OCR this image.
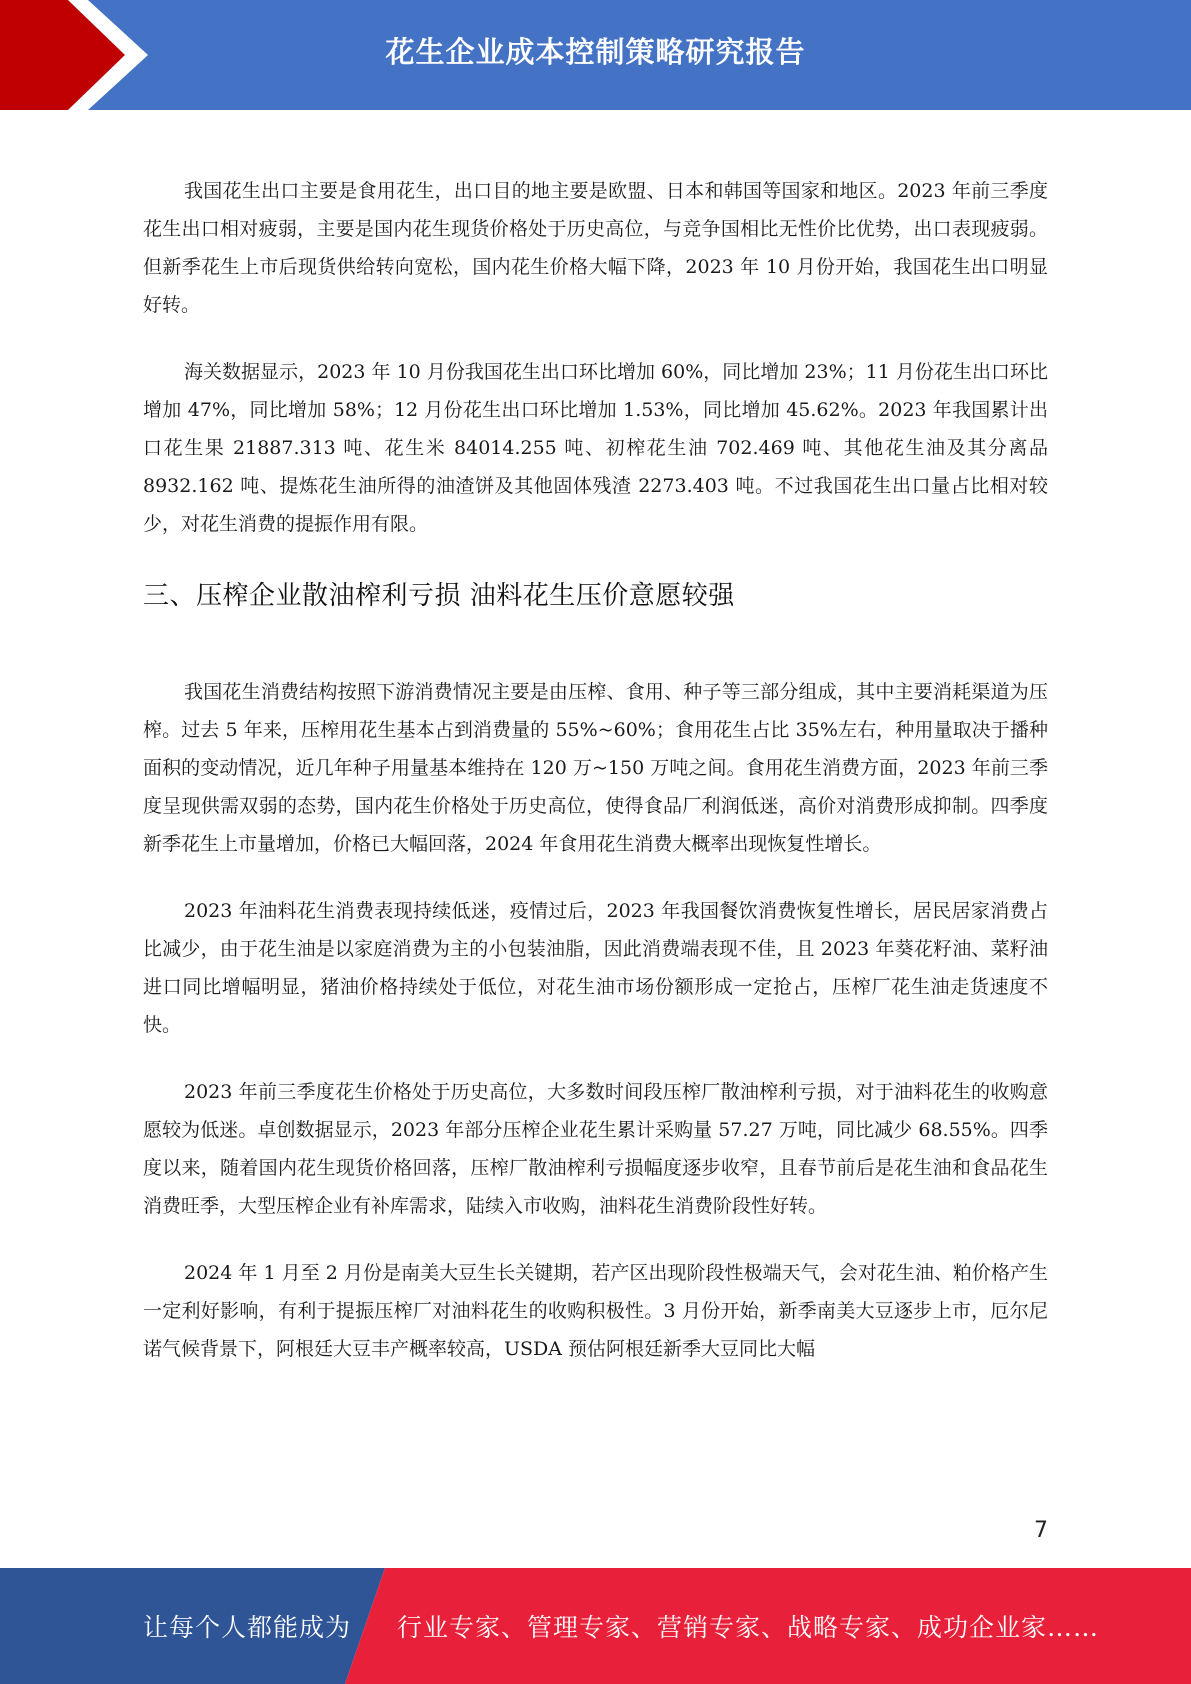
花生企业成本控制策略研究报告

我国花生出口主要是食用花生，出口目的地主要是欧盟、日本和韩国等国家和地区。2023 年前三季度花生出口相对疲弱，主要是国内花生现货价格处于历史高位，与竞争国相比无性价比优势，出口表现疲弱。但新季花生上市后现货供给转向宽松，国内花生价格大幅下降，2023 年 10 月份开始，我国花生出口明显好转。

海关数据显示，2023 年 10 月份我国花生出口环比增加 60%，同比增加 23%；11 月份花生出口环比增加 47%，同比增加 58%；12 月份花生出口环比增加 1.53%，同比增加 45.62%。2023 年我国累计出口花生果 21887.313 吨、花生米 84014.255 吨、初榨花生油 702.469 吨、其他花生油及其分离品 8932.162 吨、提炼花生油所得的油渣饼及其他固体残渣 2273.403 吨。不过我国花生出口量占比相对较少，对花生消费的提振作用有限。

三、压榨企业散油榨利亏损 油料花生压价意愿较强

我国花生消费结构按照下游消费情况主要是由压榨、食用、种子等三部分组成，其中主要消耗渠道为压榨。过去 5 年来，压榨用花生基本占到消费量的 55%~60%；食用花生占比 35%左右，种用量取决于播种面积的变动情况，近几年种子用量基本维持在 120 万~150 万吨之间。食用花生消费方面，2023 年前三季度呈现供需双弱的态势，国内花生价格处于历史高位，使得食品厂利润低迷，高价对消费形成抑制。四季度新季花生上市量增加，价格已大幅回落，2024 年食用花生消费大概率出现恢复性增长。

2023 年油料花生消费表现持续低迷，疫情过后，2023 年我国餐饮消费恢复性增长，居民居家消费占比减少，由于花生油是以家庭消费为主的小包装油脂，因此消费端表现不佳，且 2023 年葵花籽油、菜籽油进口同比增幅明显，猪油价格持续处于低位，对花生油市场份额形成一定抢占，压榨厂花生油走货速度不快。

2023 年前三季度花生价格处于历史高位，大多数时间段压榨厂散油榨利亏损，对于油料花生的收购意愿较为低迷。卓创数据显示，2023 年部分压榨企业花生累计采购量 57.27 万吨，同比减少 68.55%。四季度以来，随着国内花生现货价格回落，压榨厂散油榨利亏损幅度逐步收窄，且春节前后是花生油和食品花生消费旺季，大型压榨企业有补库需求，陆续入市收购，油料花生消费阶段性好转。

2024 年 1 月至 2 月份是南美大豆生长关键期，若产区出现阶段性极端天气，会对花生油、粕价格产生一定利好影响，有利于提振压榨厂对油料花生的收购积极性。3 月份开始，新季南美大豆逐步上市，厄尔尼诺气候背景下，阿根廷大豆丰产概率较高，USDA 预估阿根廷新季大豆同比大幅

7
让每个人都能成为 行业专家、管理专家、营销专家、战略专家、成功企业家……
